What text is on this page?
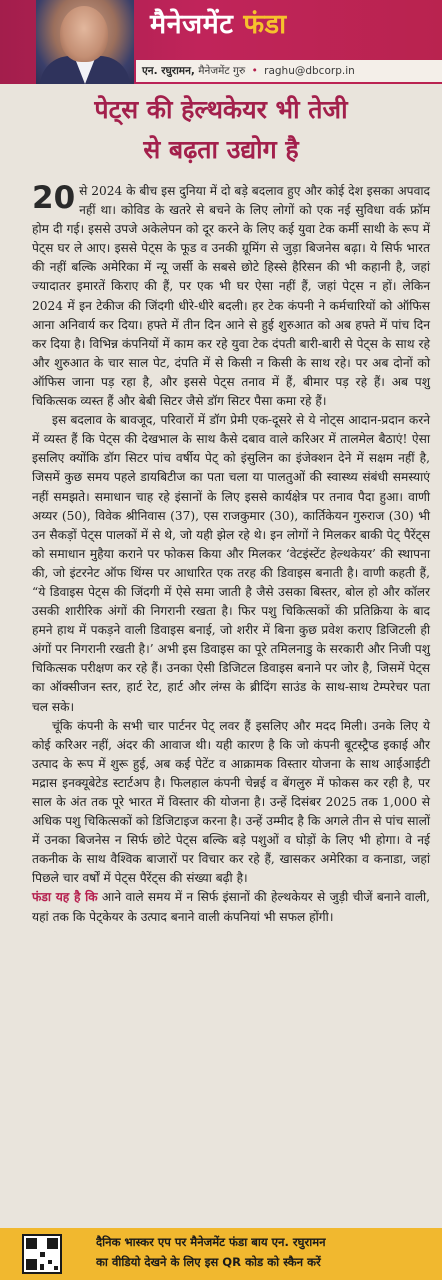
मैनेजमेंट फंडा
एन. रघुरामन, मैनेजमेंट गुरु • raghu@dbcorp.in
पेट्स की हेल्थकेयर भी तेजी
से बढ़ता उद्योग है

20 से 2024 के बीच इस दुनिया में दो बड़े बदलाव हुए और कोई देश इसका अपवाद नहीं था। कोविड के खतरे से बचने के लिए लोगों को एक नई सुविधा वर्क फ्रॉम होम दी गई। इससे उपजे अकेलेपन को दूर करने के लिए कई युवा टेक कर्मी साथी के रूप में पेट्स घर ले आए। इससे पेट्स के फूड व उनकी ग्रूमिंग से जुड़ा बिजनेस बढ़ा। ये सिर्फ भारत की नहीं बल्कि अमेरिका में न्यू जर्सी के सबसे छोटे हिस्से हैरिसन की भी कहानी है, जहां ज्यादातर इमारतें किराए की हैं, पर एक भी घर ऐसा नहीं हैं, जहां पेट्स न हों। लेकिन 2024 में इन टेकीज की जिंदगी धीरे-धीरे बदली। हर टेक कंपनी ने कर्मचारियों को ऑफिस आना अनिवार्य कर दिया। हफ्ते में तीन दिन आने से हुई शुरुआत को अब हफ्ते में पांच दिन कर दिया है। विभिन्न कंपनियों में काम कर रहे युवा टेक दंपती बारी-बारी से पेट्स के साथ रहे और शुरुआत के चार साल पेट, दंपति में से किसी न किसी के साथ रहे। पर अब दोनों को ऑफिस जाना पड़ रहा है, और इससे पेट्स तनाव में हैं, बीमार पड़ रहे हैं। अब पशु चिकित्सक व्यस्त हैं और बेबी सिटर जैसे डॉग सिटर पैसा कमा रहे हैं।

इस बदलाव के बावजूद, परिवारों में डॉग प्रेमी एक-दूसरे से ये नोट्स आदान-प्रदान करने में व्यस्त हैं कि पेट्स की देखभाल के साथ कैसे दबाव वाले करिअर में तालमेल बैठाएं! ऐसा इसलिए क्योंकि डॉग सिटर पांच वर्षीय पेट् को इंसुलिन का इंजेक्शन देने में सक्षम नहीं है, जिसमें कुछ समय पहले डायबिटीज का पता चला या पालतुओं की स्वास्थ्य संबंधी समस्याएं नहीं समझते। समाधान चाह रहे इंसानों के लिए इससे कार्यक्षेत्र पर तनाव पैदा हुआ। वाणी अय्यर (50), विवेक श्रीनिवास (37), एस राजकुमार (30), कार्तिकेयन गुरुराज (30) भी उन सैकड़ों पेट्स पालकों में से थे, जो यही झेल रहे थे। इन लोगों ने मिलकर बाकी पेट् पैरेंट्स को समाधान मुहैया कराने पर फोकस किया और मिलकर ‘वेटइंस्टेंट हेल्थकेयर’ की स्थापना की, जो इंटरनेट ऑफ थिंग्स पर आधारित एक तरह की डिवाइस बनाती है। वाणी कहती हैं, “ये डिवाइस पेट्स की जिंदगी में ऐसे समा जाती है जैसे उसका बिस्तर, बोल हो और कॉलर उसकी शारीरिक अंगों की निगरानी रखता है। फिर पशु चिकित्सकों की प्रतिक्रिया के बाद हमने हाथ में पकड़ने वाली डिवाइस बनाई, जो शरीर में बिना कुछ प्रवेश कराए डिजिटली ही अंगों पर निगरानी रखती है।’ अभी इस डिवाइस का पूरे तमिलनाडु के सरकारी और निजी पशु चिकित्सक परीक्षण कर रहे हैं। उनका ऐसी डिजिटल डिवाइस बनाने पर जोर है, जिसमें पेट्स का ऑक्सीजन स्तर, हार्ट रेट, हार्ट और लंग्स के ब्रीदिंग साउंड के साथ-साथ टेम्परेचर पता चल सके।

चूंकि कंपनी के सभी चार पार्टनर पेट् लवर हैं इसलिए और मदद मिली। उनके लिए ये कोई करिअर नहीं, अंदर की आवाज थी। यही कारण है कि जो कंपनी बूटस्ट्रैप्ड इकाई और उत्पाद के रूप में शुरू हुई, अब कई पेटेंट व आक्रामक विस्तार योजना के साथ आईआईटी मद्रास इनक्यूबेटेड स्टार्टअप है। फिलहाल कंपनी चेन्नई व बेंगलुरु में फोकस कर रही है, पर साल के अंत तक पूरे भारत में विस्तार की योजना है। उन्हें दिसंबर 2025 तक 1,000 से अधिक पशु चिकित्सकों को डिजिटाइज करना है। उन्हें उम्मीद है कि अगले तीन से पांच सालों में उनका बिजनेस न सिर्फ छोटे पेट्स बल्कि बड़े पशुओं व घोड़ों के लिए भी होगा। वे नई तकनीक के साथ वैश्विक बाजारों पर विचार कर रहे हैं, खासकर अमेरिका व कनाडा, जहां पिछले चार वर्षों में पेट्स पैरेंट्स की संख्या बढ़ी है।

फंडा यह है कि आने वाले समय में न सिर्फ इंसानों की हेल्थकेयर से जुड़ी चीजें बनाने वाली, यहां तक कि पेट्केयर के उत्पाद बनाने वाली कंपनियां भी सफल होंगी।

दैनिक भास्कर एप पर मैनेजमेंट फंडा बाय एन. रघुरामन
का वीडियो देखने के लिए इस QR कोड को स्कैन करें
